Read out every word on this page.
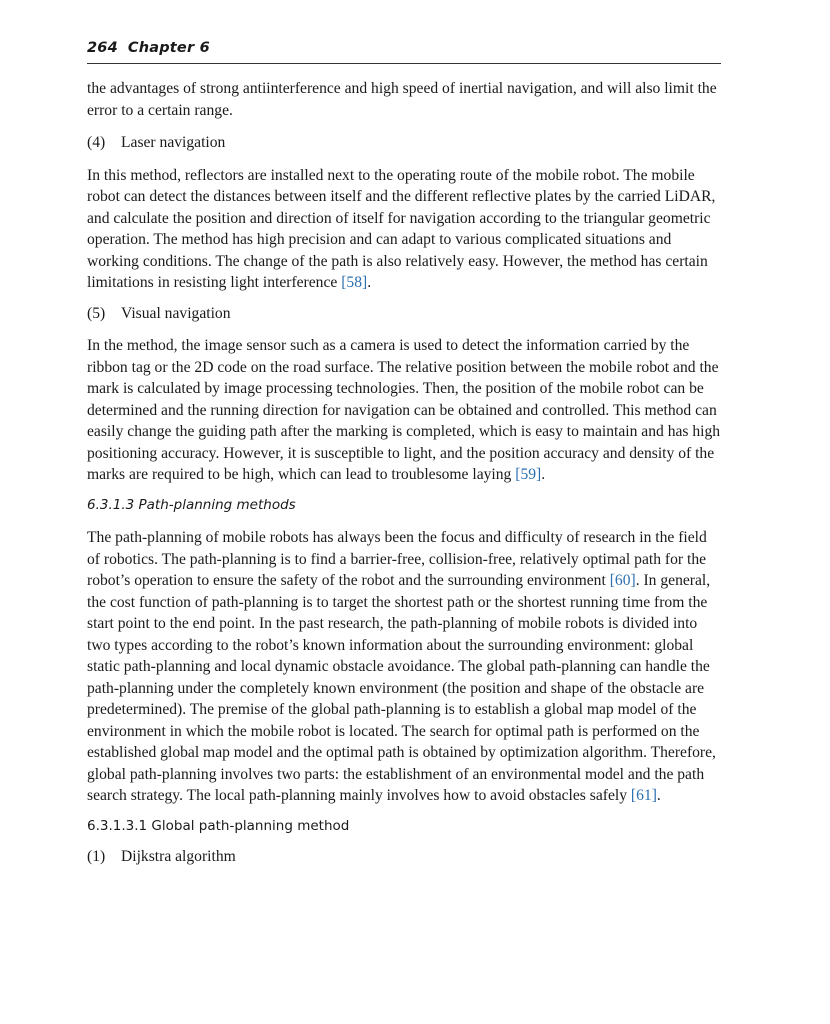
264 Chapter 6

the advantages of strong antiinterference and high speed of inertial navigation, and will also limit the error to a certain range.

(4) Laser navigation

In this method, reflectors are installed next to the operating route of the mobile robot. The mobile robot can detect the distances between itself and the different reflective plates by the carried LiDAR, and calculate the position and direction of itself for navigation according to the triangular geometric operation. The method has high precision and can adapt to various complicated situations and working conditions. The change of the path is also relatively easy. However, the method has certain limitations in resisting light interference [58].

(5) Visual navigation

In the method, the image sensor such as a camera is used to detect the information carried by the ribbon tag or the 2D code on the road surface. The relative position between the mobile robot and the mark is calculated by image processing technologies. Then, the position of the mobile robot can be determined and the running direction for navigation can be obtained and controlled. This method can easily change the guiding path after the marking is completed, which is easy to maintain and has high positioning accuracy. However, it is susceptible to light, and the position accuracy and density of the marks are required to be high, which can lead to troublesome laying [59].

6.3.1.3 Path-planning methods

The path-planning of mobile robots has always been the focus and difficulty of research in the field of robotics. The path-planning is to find a barrier-free, collision-free, relatively optimal path for the robot’s operation to ensure the safety of the robot and the surrounding environment [60]. In general, the cost function of path-planning is to target the shortest path or the shortest running time from the start point to the end point. In the past research, the path-planning of mobile robots is divided into two types according to the robot’s known information about the surrounding environment: global static path-planning and local dynamic obstacle avoidance. The global path-planning can handle the path-planning under the completely known environment (the position and shape of the obstacle are predetermined). The premise of the global path-planning is to establish a global map model of the environment in which the mobile robot is located. The search for optimal path is performed on the established global map model and the optimal path is obtained by optimization algorithm. Therefore, global path-planning involves two parts: the establishment of an environmental model and the path search strategy. The local path-planning mainly involves how to avoid obstacles safely [61].

6.3.1.3.1 Global path-planning method

(1) Dijkstra algorithm
